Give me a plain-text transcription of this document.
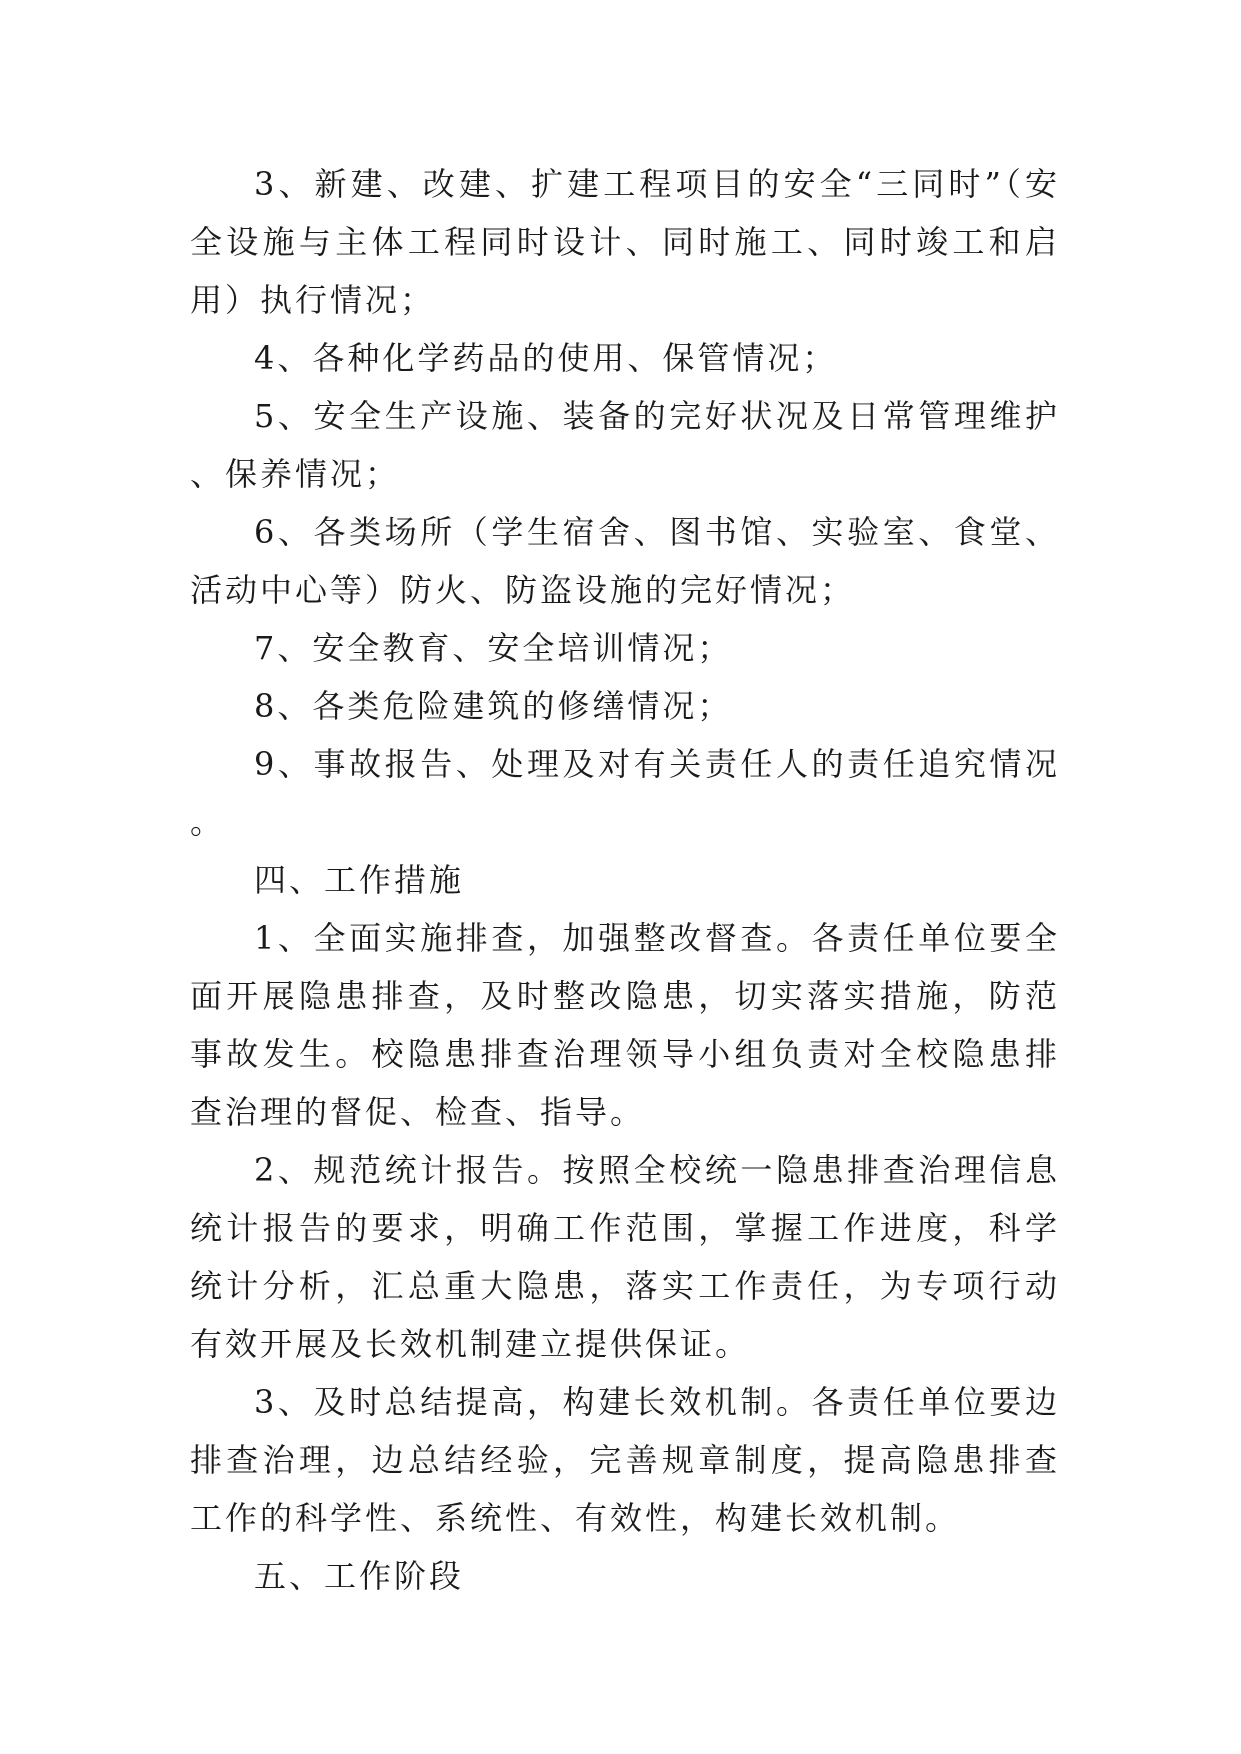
3、新建、改建、扩建工程项目的安全“三同时”（安全设施与主体工程同时设计、同时施工、同时竣工和启用）执行情况；

4、各种化学药品的使用、保管情况；

5、安全生产设施、装备的完好状况及日常管理维护、保养情况；

6、各类场所（学生宿舍、图书馆、实验室、食堂、活动中心等）防火、防盗设施的完好情况；

7、安全教育、安全培训情况；

8、各类危险建筑的修缮情况；

9、事故报告、处理及对有关责任人的责任追究情况。

四、工作措施

1、全面实施排查，加强整改督查。各责任单位要全面开展隐患排查，及时整改隐患，切实落实措施，防范事故发生。校隐患排查治理领导小组负责对全校隐患排查治理的督促、检查、指导。

2、规范统计报告。按照全校统一隐患排查治理信息统计报告的要求，明确工作范围，掌握工作进度，科学统计分析，汇总重大隐患，落实工作责任，为专项行动有效开展及长效机制建立提供保证。

3、及时总结提高，构建长效机制。各责任单位要边排查治理，边总结经验，完善规章制度，提高隐患排查工作的科学性、系统性、有效性，构建长效机制。

五、工作阶段
